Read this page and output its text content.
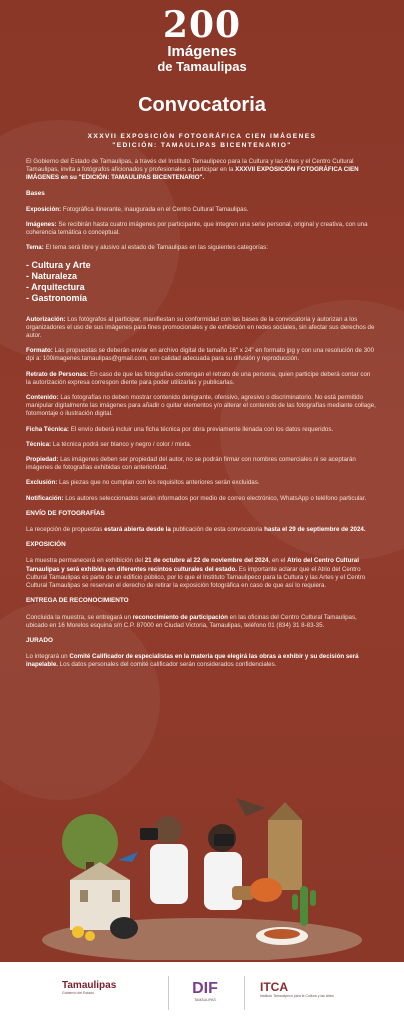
200
Imágenes
de Tamaulipas
Convocatoria
XXXVII EXPOSICIÓN FOTOGRÁFICA CIEN IMÁGENES
"EDICIÓN: TAMAULIPAS BICENTENARIO"

El Gobierno del Estado de Tamaulipas, a través del Instituto Tamaulipeco para la Cultura y las Artes y el Centro Cultural Tamaulipas, invita a fotógrafos aficionados y profesionales a participar en la XXXVII EXPOSICIÓN FOTOGRÁFICA CIEN IMÁGENES en su "EDICIÓN: TAMAULIPAS BICENTENARIO".

Bases

Exposición: Fotográfica itinerante, inaugurada en el Centro Cultural Tamaulipas.

Imágenes: Se recibirán hasta cuatro imágenes por participante, que integren una serie personal, original y creativa, con una coherencia temática o conceptual.

Tema: El tema será libre y alusivo al estado de Tamaulipas en las siguientes categorías:

- Cultura y Arte
- Naturaleza
- Arquitectura
- Gastronomía

Autorización: Los fotógrafos al participar, manifiestan su conformidad con las bases de la convocatoria y autorizan a los organizadores el uso de sus imágenes para fines promocionales y de exhibición en redes sociales, sin afectar sus derechos de autor.

Formato: Las propuestas se deberán enviar en archivo digital de tamaño 16" x 24" en formato jpg y con una resolución de 300 dpi a: 100imagenes.tamaulipas@gmail.com, con calidad adecuada para su difusión y reproducción.

Retrato de Personas: En caso de que las fotografías contengan el retrato de una persona, quien participe deberá contar con la autorización expresa correspon diente para poder utilizarlas y publicarlas.

Contenido: Las fotografías no deben mostrar contenido denigrante, ofensivo, agresivo o discriminatorio. No está permitido manipular digitalmente las imágenes para añadir o quitar elementos y/o alterar el contenido de las fotografías mediante collage, fotomontaje o ilustración digital.

Ficha Técnica: El envío deberá incluir una ficha técnica por obra previamente llenada con los datos requeridos.

Técnica: La técnica podrá ser blanco y negro / color / mixta.

Propiedad: Las imágenes deben ser propiedad del autor, no se podrán firmar con nombres comerciales ni se aceptarán imágenes de fotografías exhibidas con anterioridad.

Exclusión: Las piezas que no cumplan con los requisitos anteriores serán excluidas.

Notificación: Los autores seleccionados serán informados por medio de correo electrónico, WhatsApp o teléfono particular.

ENVÍO DE FOTOGRAFÍAS

La recepción de propuestas estará abierta desde la publicación de esta convocatoria hasta el 29 de septiembre de 2024.

EXPOSICIÓN

La muestra permanecerá en exhibición del 21 de octubre al 22 de noviembre del 2024, en el Atrio del Centro Cultural Tamaulipas y será exhibida en diferentes recintos culturales del estado. Es importante aclarar que el Atrio del Centro Cultural Tamaulipas es parte de un edificio público, por lo que el Instituto Tamaulipeco para la Cultura y las Artes y el Centro Cultural Tamaulipas se reservan el derecho de retirar la exposición fotográfica en caso de que así lo requiera.

ENTREGA DE RECONOCIMIENTO

Concluida la muestra, se entregará un reconocimiento de participación en las oficinas del Centro Cultural Tamaulipas, ubicado en 16 Morelos esquina s/n C.P. 87000 en Ciudad Victoria, Tamaulipas, teléfono 01 (834) 31 8-83-35.

JURADO

Lo integrará un Comité Calificador de especialistas en la materia que elegirá las obras a exhibir y su decisión será inapelable. Los datos personales del comité calificador serán considerados confidenciales.

Tamaulipas
Gobierno del Estado	DIF
TAMAULIPAS
ITCA
Instituto Tamaulipeco para la Cultura y las Artes
